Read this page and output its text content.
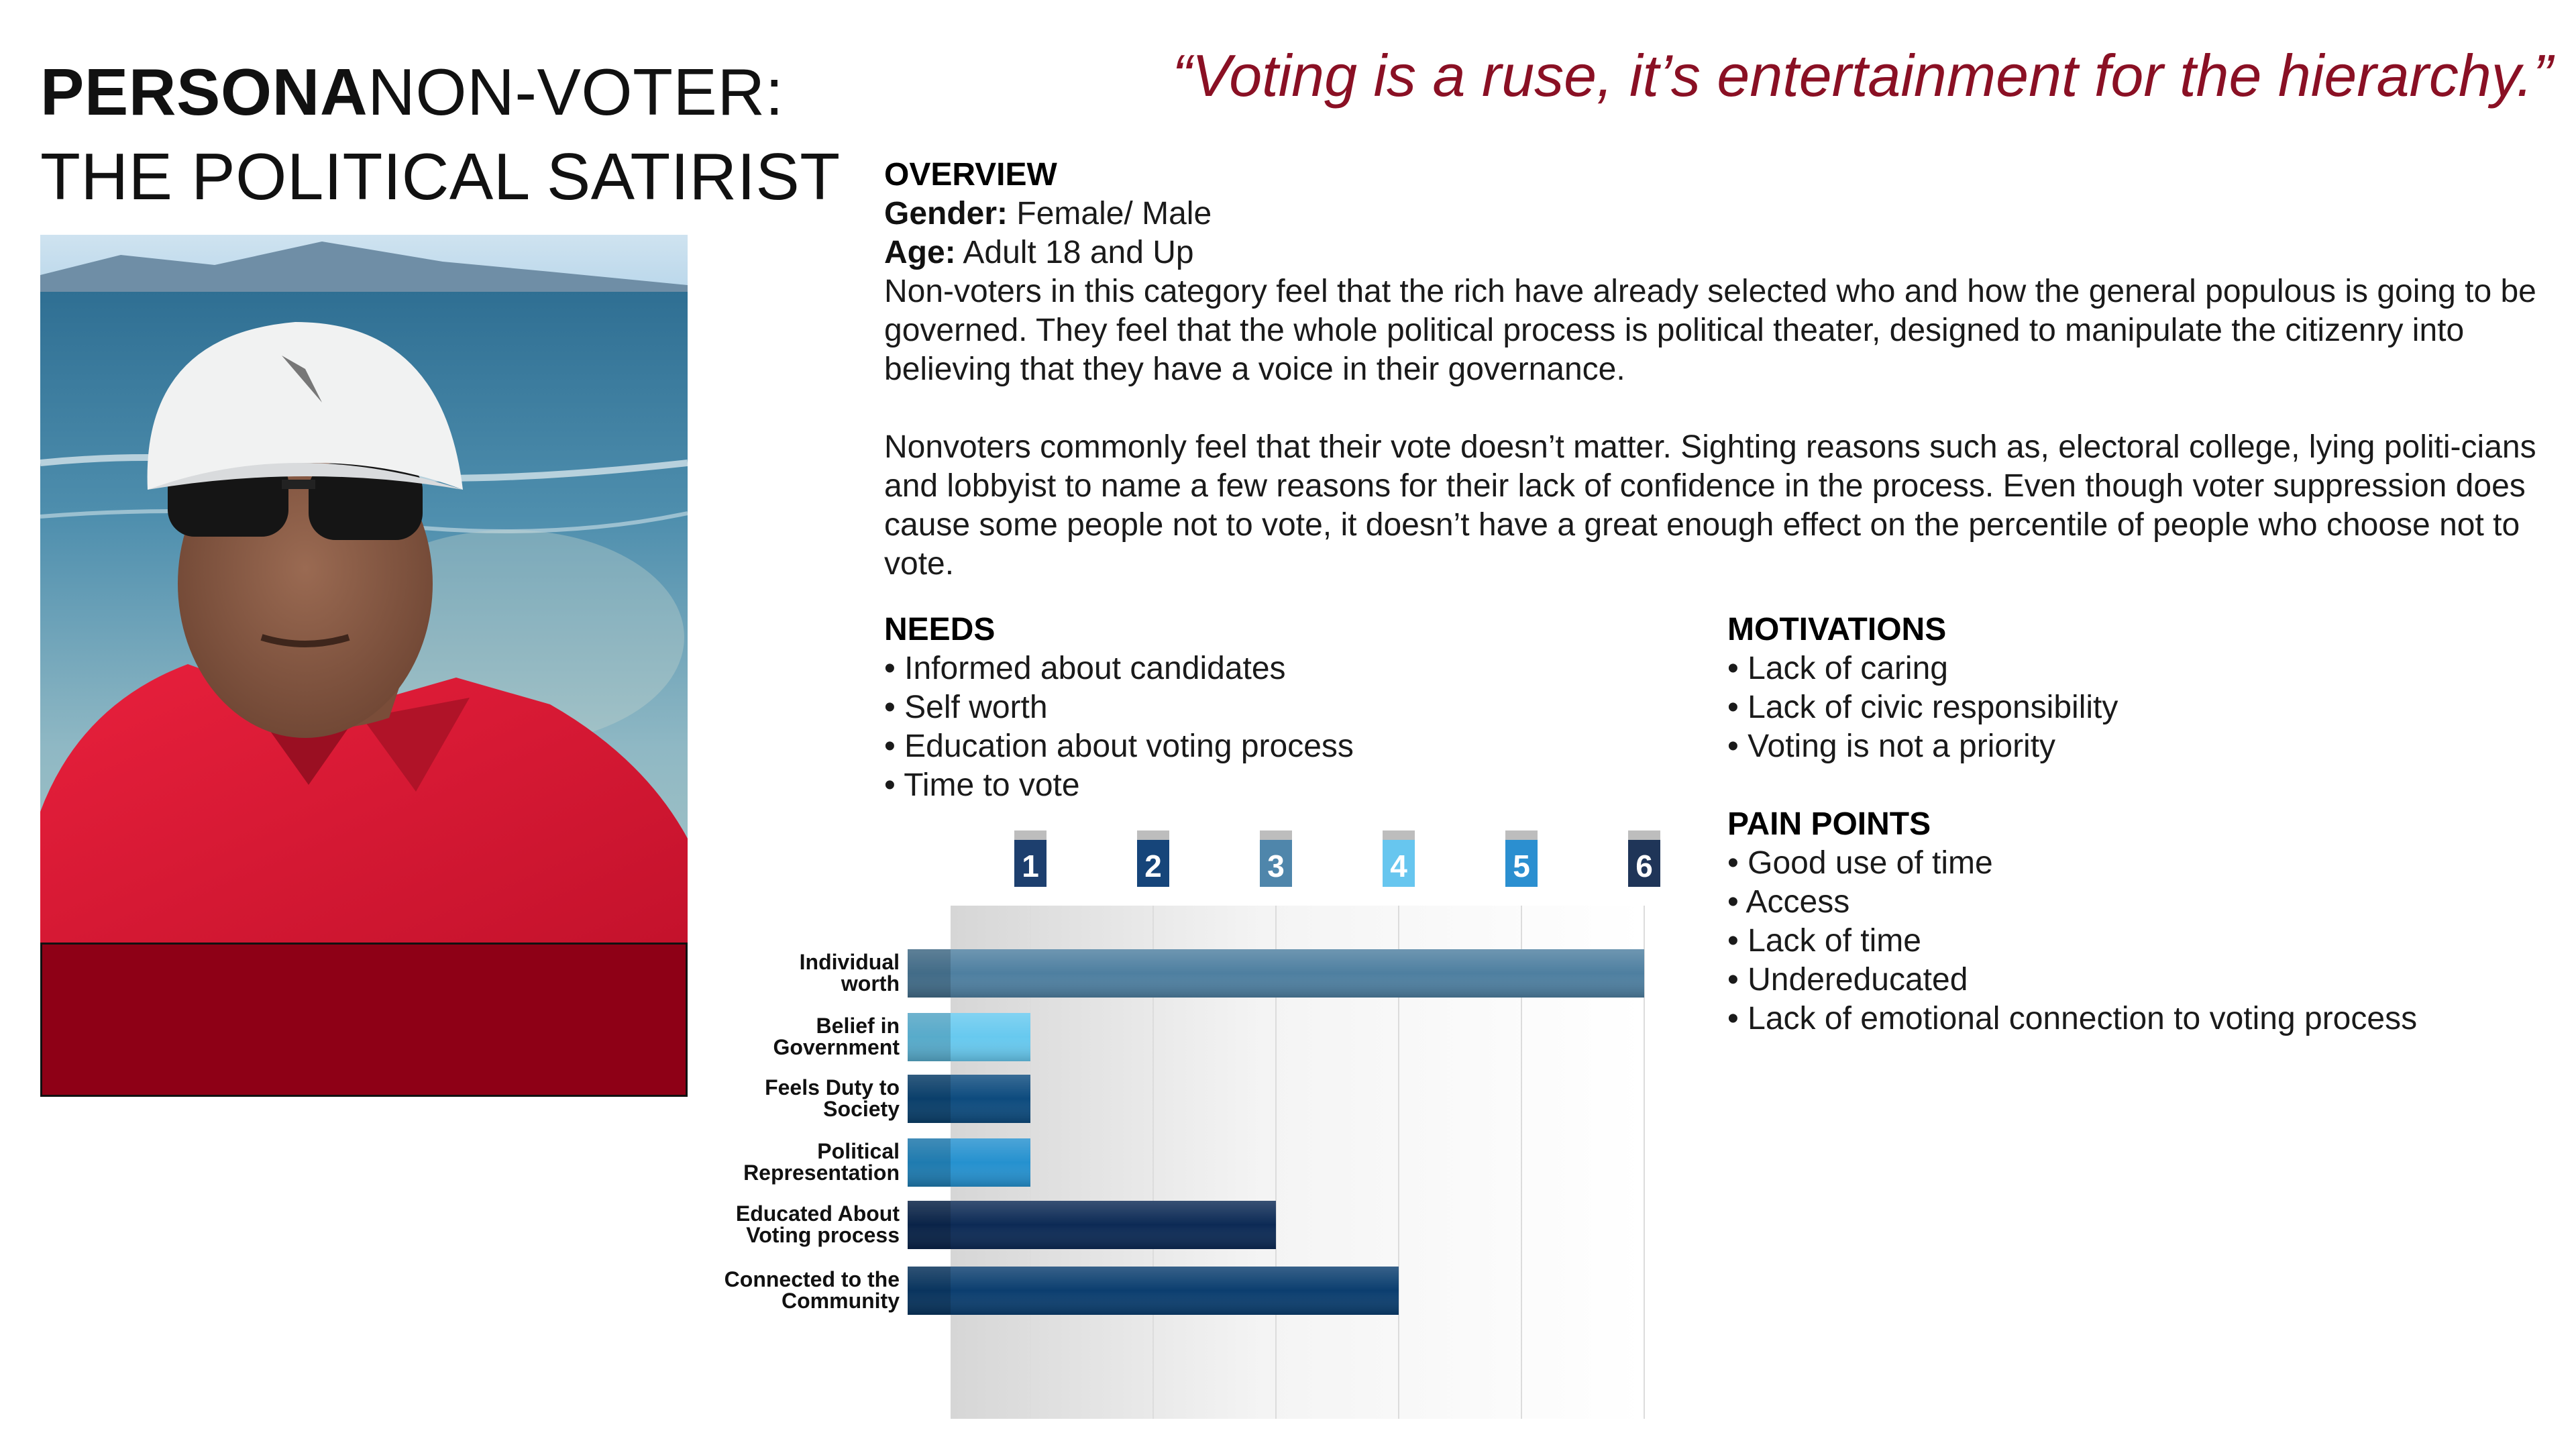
PERSONANON-VOTER:
THE POLITICAL SATIRIST
“Voting is a ruse, it’s entertainment for the hierarchy.”
OVERVIEW

Gender: Female/ Male

Age: Adult 18 and Up

Non-voters in this category feel that the rich have already selected who and how the general populous is going to be governed. They feel that the whole political process is political theater, designed to manipulate the citizenry into believing that they have a voice in their governance.

Nonvoters commonly feel that their vote doesn’t matter. Sighting reasons such as, electoral college, lying politi-cians and lobbyist to name a few reasons for their lack of confidence in the process. Even though voter suppression does cause some people not to vote, it doesn’t have a great enough effect on the percentile of people who choose not to vote.

NEEDS
• Informed about candidates
• Self worth
• Education about voting process
• Time to vote
MOTIVATIONS
• Lack of caring
• Lack of civic responsibility
• Voting is not a priority
PAIN POINTS
• Good use of time
• Access
• Lack of time
• Undereducated
• Lack of emotional connection to voting process
1	2	3	4	5	6
Individual
worth
Belief in
Government
Feels Duty to
Society
Political
Representation
Educated About
Voting process
Connected to the
Community
